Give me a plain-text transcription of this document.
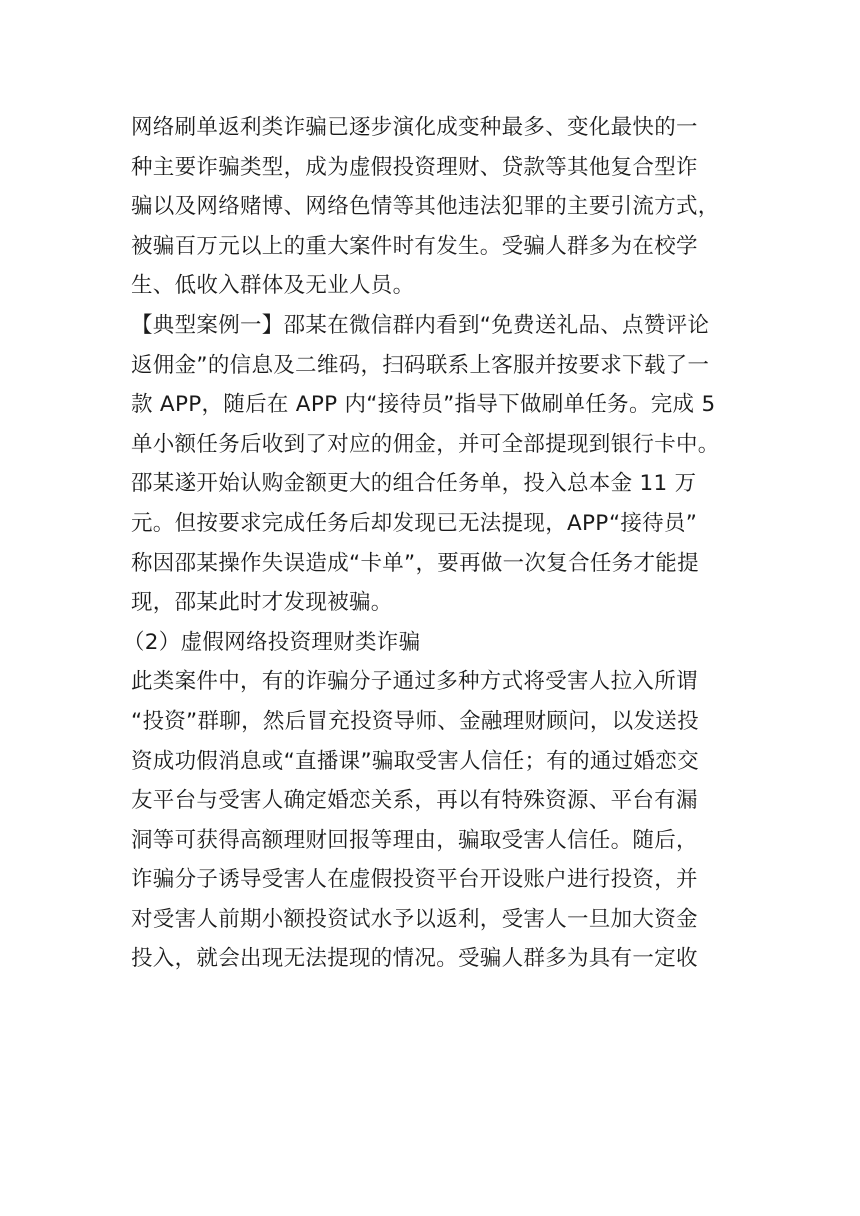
网络刷单返利类诈骗已逐步演化成变种最多、变化最快的一
种主要诈骗类型，成为虚假投资理财、贷款等其他复合型诈
骗以及网络赌博、网络色情等其他违法犯罪的主要引流方式，
被骗百万元以上的重大案件时有发生。受骗人群多为在校学
生、低收入群体及无业人员。
【典型案例一】邵某在微信群内看到“免费送礼品、点赞评论
返佣金”的信息及二维码，扫码联系上客服并按要求下载了一
款 APP，随后在 APP 内“接待员”指导下做刷单任务。完成 5
单小额任务后收到了对应的佣金，并可全部提现到银行卡中。
邵某遂开始认购金额更大的组合任务单，投入总本金 11 万
元。但按要求完成任务后却发现已无法提现，APP“接待员”
称因邵某操作失误造成“卡单”，要再做一次复合任务才能提
现，邵某此时才发现被骗。
（2）虚假网络投资理财类诈骗
此类案件中，有的诈骗分子通过多种方式将受害人拉入所谓
“投资”群聊，然后冒充投资导师、金融理财顾问，以发送投
资成功假消息或“直播课”骗取受害人信任；有的通过婚恋交
友平台与受害人确定婚恋关系，再以有特殊资源、平台有漏
洞等可获得高额理财回报等理由，骗取受害人信任。随后，
诈骗分子诱导受害人在虚假投资平台开设账户进行投资，并
对受害人前期小额投资试水予以返利，受害人一旦加大资金
投入，就会出现无法提现的情况。受骗人群多为具有一定收
